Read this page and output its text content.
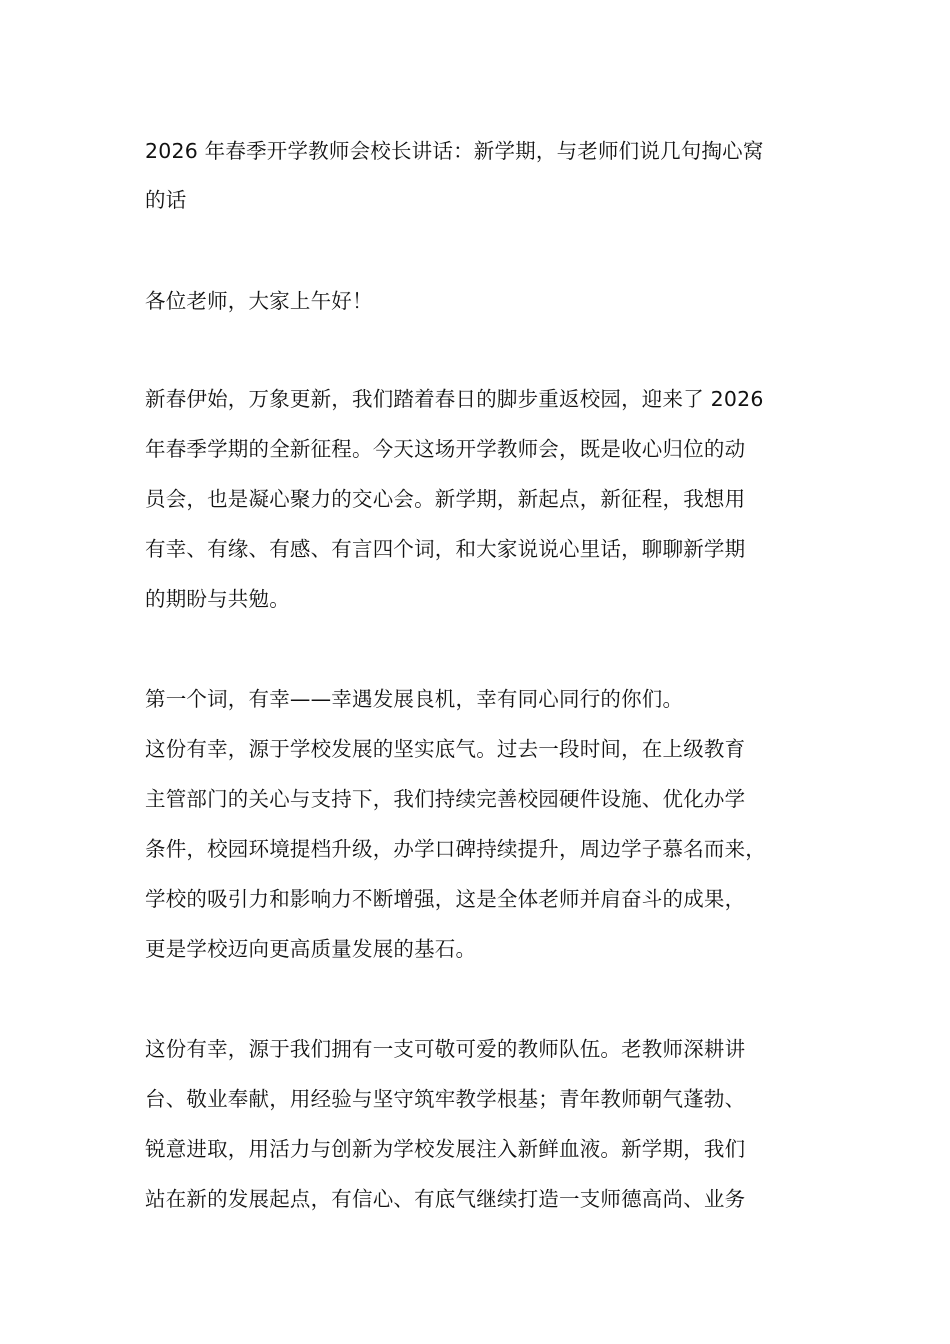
2026 年春季开学教师会校长讲话：新学期，与老师们说几句掏心窝
的话
各位老师，大家上午好！
新春伊始，万象更新，我们踏着春日的脚步重返校园，迎来了 2026
年春季学期的全新征程。今天这场开学教师会，既是收心归位的动
员会，也是凝心聚力的交心会。新学期，新起点，新征程，我想用
有幸、有缘、有感、有言四个词，和大家说说心里话，聊聊新学期
的期盼与共勉。
第一个词，有幸——幸遇发展良机，幸有同心同行的你们。
这份有幸，源于学校发展的坚实底气。过去一段时间，在上级教育
主管部门的关心与支持下，我们持续完善校园硬件设施、优化办学
条件，校园环境提档升级，办学口碑持续提升，周边学子慕名而来，
学校的吸引力和影响力不断增强，这是全体老师并肩奋斗的成果，
更是学校迈向更高质量发展的基石。
这份有幸，源于我们拥有一支可敬可爱的教师队伍。老教师深耕讲
台、敬业奉献，用经验与坚守筑牢教学根基；青年教师朝气蓬勃、
锐意进取，用活力与创新为学校发展注入新鲜血液。新学期，我们
站在新的发展起点，有信心、有底气继续打造一支师德高尚、业务
